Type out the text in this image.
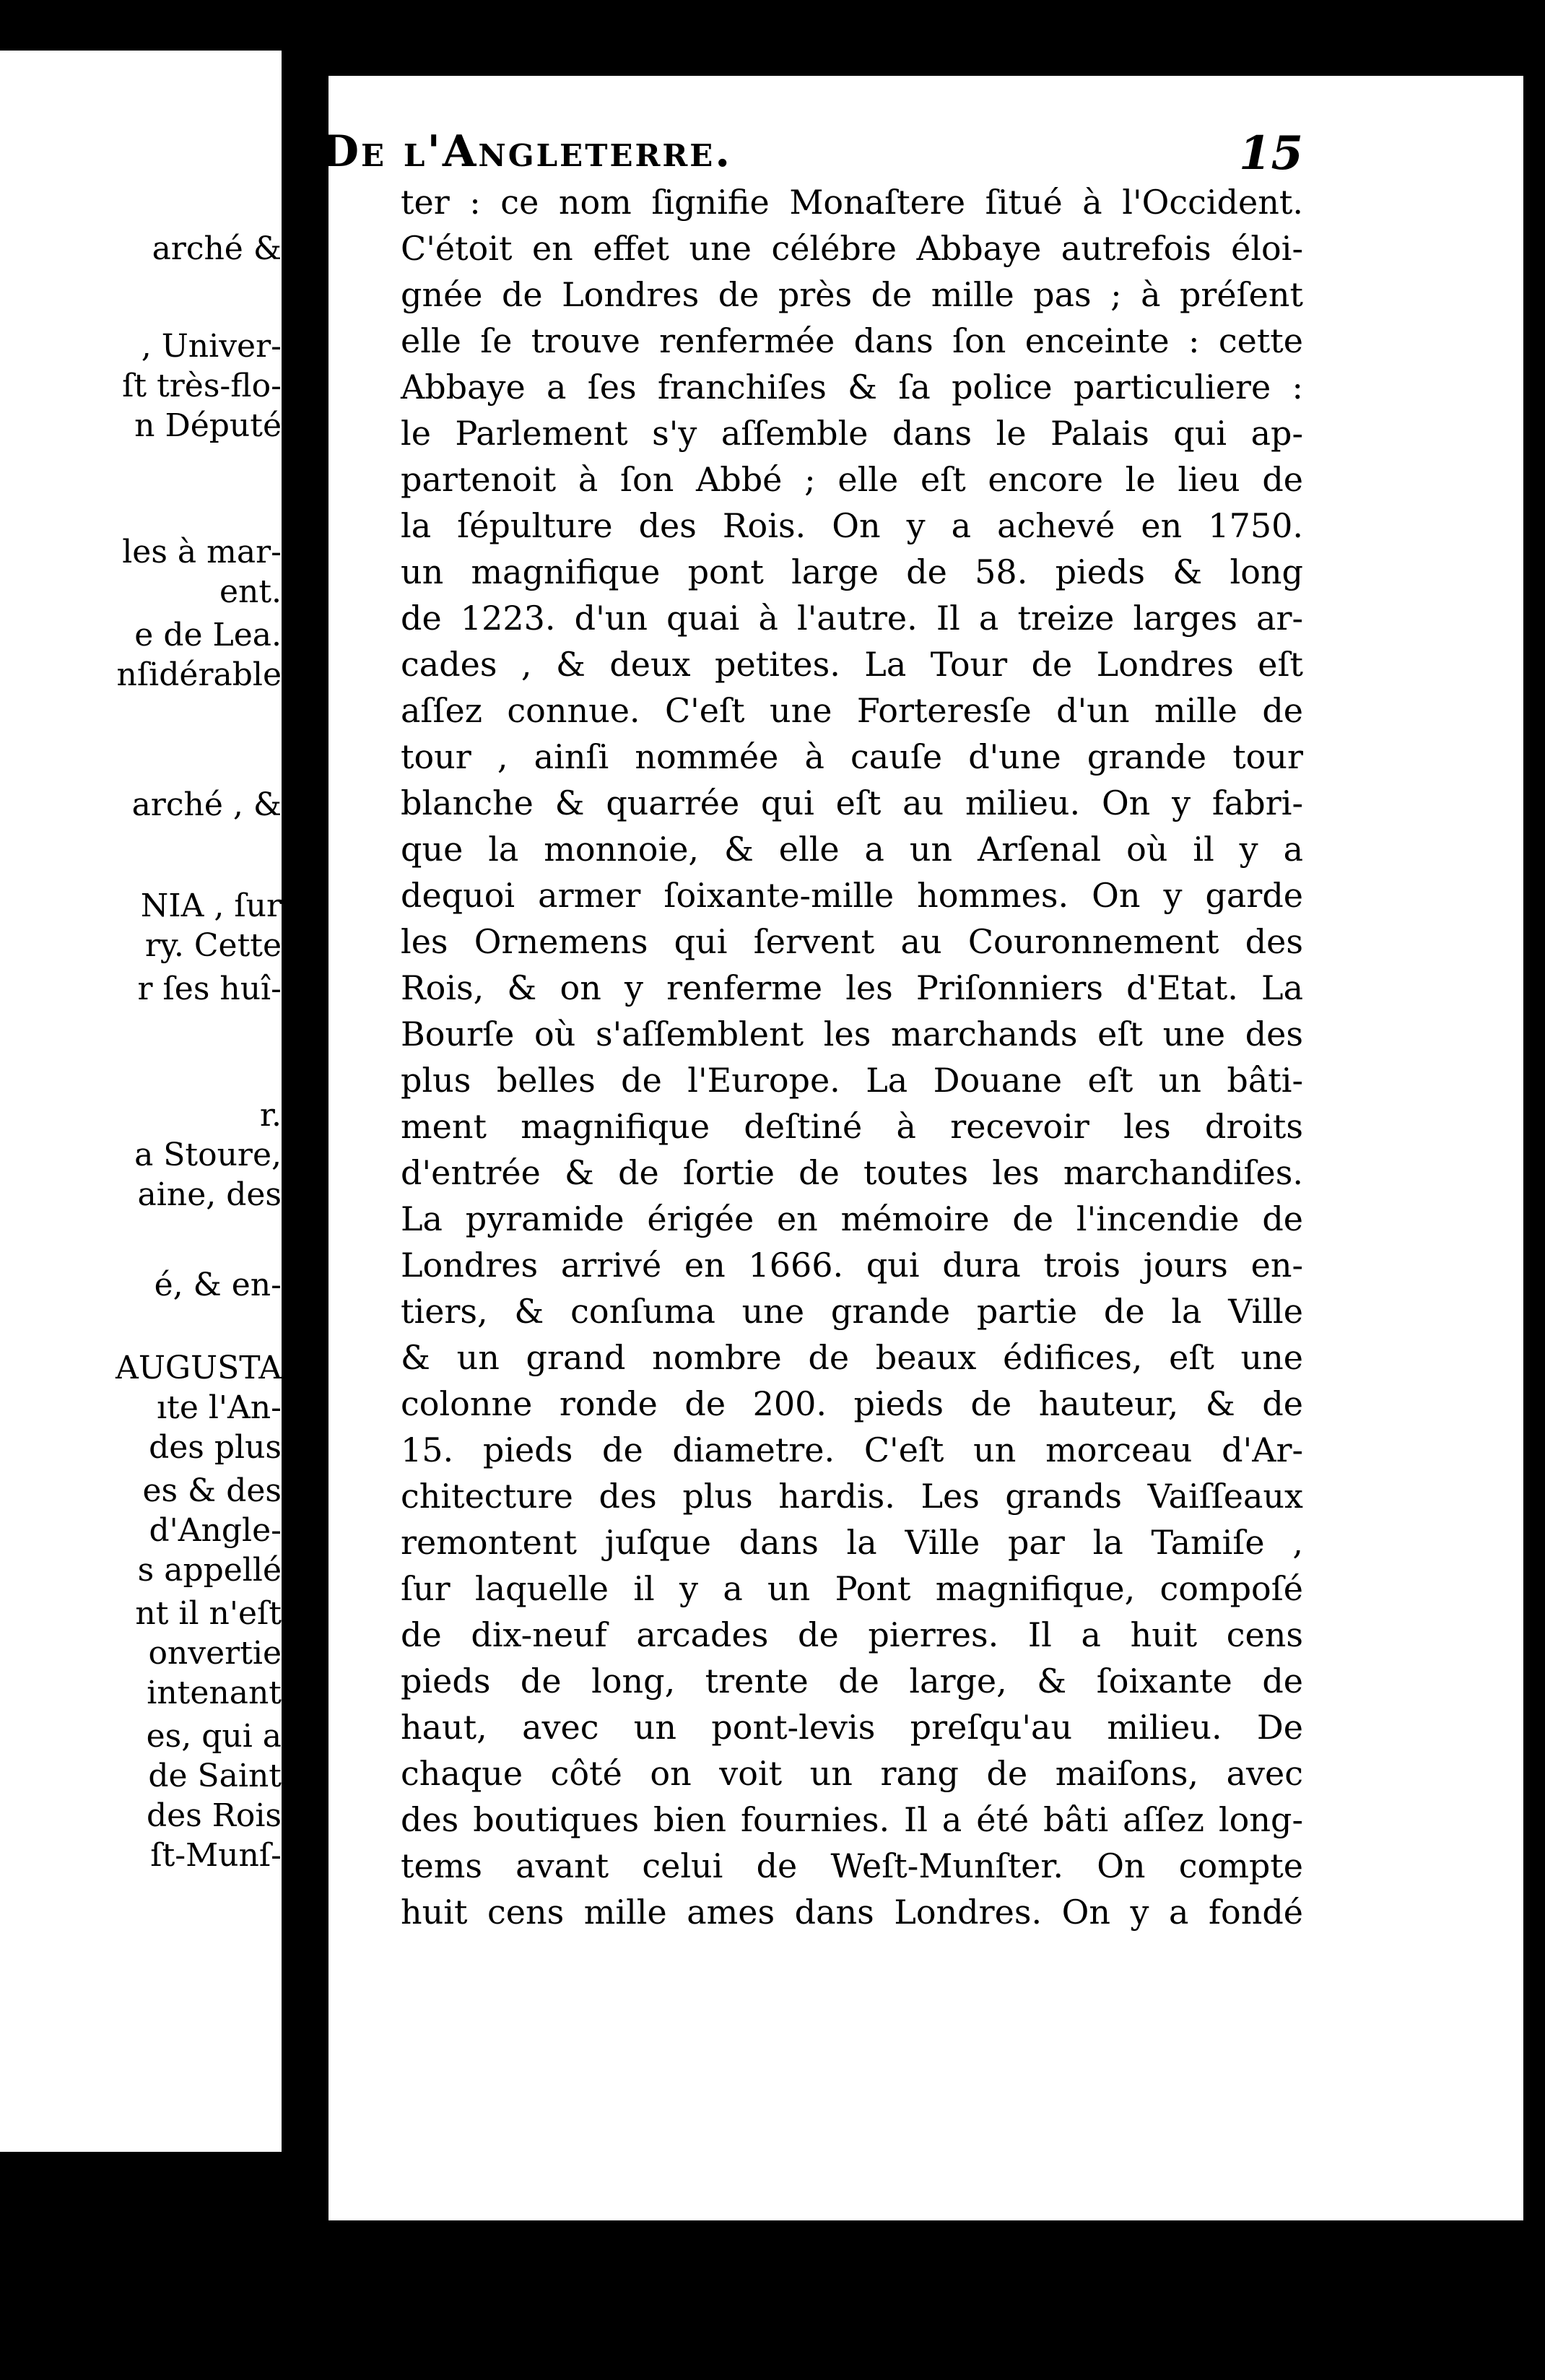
arché &
, Univer-
ſt très-flo-
n Député
les à mar-
ent.
e de Lea.
nſidérable
arché , &
NIA , ſur
ry. Cette
r ſes huî-
r.
a Stoure,
aine, des
é, & en-
AUGUSTA
ıte l'An-
des plus
es & des
d'Angle-
s appellé
nt il n'eſt
onvertie
intenant
es, qui a
de Saint
des Rois
ſt-Munſ-
De l'Angleterre.	15
ter : ce nom ſignifie Monaſtere ſitué à l'Occident.
C'étoit en effet une célébre Abbaye autrefois éloi-
gnée de Londres de près de mille pas ; à préſent
elle ſe trouve renfermée dans ſon enceinte : cette
Abbaye a ſes franchiſes & ſa police particuliere :
le Parlement s'y aſſemble dans le Palais qui ap-
partenoit à ſon Abbé ; elle eſt encore le lieu de
la ſépulture des Rois. On y a achevé en 1750.
un magnifique pont large de 58. pieds & long
de 1223. d'un quai à l'autre. Il a treize larges ar-
cades , & deux petites. La Tour de Londres eſt
aſſez connue. C'eſt une Forteresſe d'un mille de
tour , ainſi nommée à cauſe d'une grande tour
blanche & quarrée qui eſt au milieu. On y fabri-
que la monnoie, & elle a un Arſenal où il y a
dequoi armer ſoixante-mille hommes. On y garde
les Ornemens qui ſervent au Couronnement des
Rois, & on y renferme les Priſonniers d'Etat. La
Bourſe où s'aſſemblent les marchands eſt une des
plus belles de l'Europe. La Douane eſt un bâti-
ment magnifique deſtiné à recevoir les droits
d'entrée & de ſortie de toutes les marchandiſes.
La pyramide érigée en mémoire de l'incendie de
Londres arrivé en 1666. qui dura trois jours en-
tiers, & conſuma une grande partie de la Ville
& un grand nombre de beaux édifices, eſt une
colonne ronde de 200. pieds de hauteur, & de
15. pieds de diametre. C'eſt un morceau d'Ar-
chitecture des plus hardis. Les grands Vaiſſeaux
remontent juſque dans la Ville par la Tamiſe ,
ſur laquelle il y a un Pont magnifique, compoſé
de dix-neuf arcades de pierres. Il a huit cens
pieds de long, trente de large, & ſoixante de
haut, avec un pont-levis preſqu'au milieu. De
chaque côté on voit un rang de maiſons, avec
des boutiques bien fournies. Il a été bâti aſſez long-
tems avant celui de Weſt-Munſter. On compte
huit cens mille ames dans Londres. On y a fondé
